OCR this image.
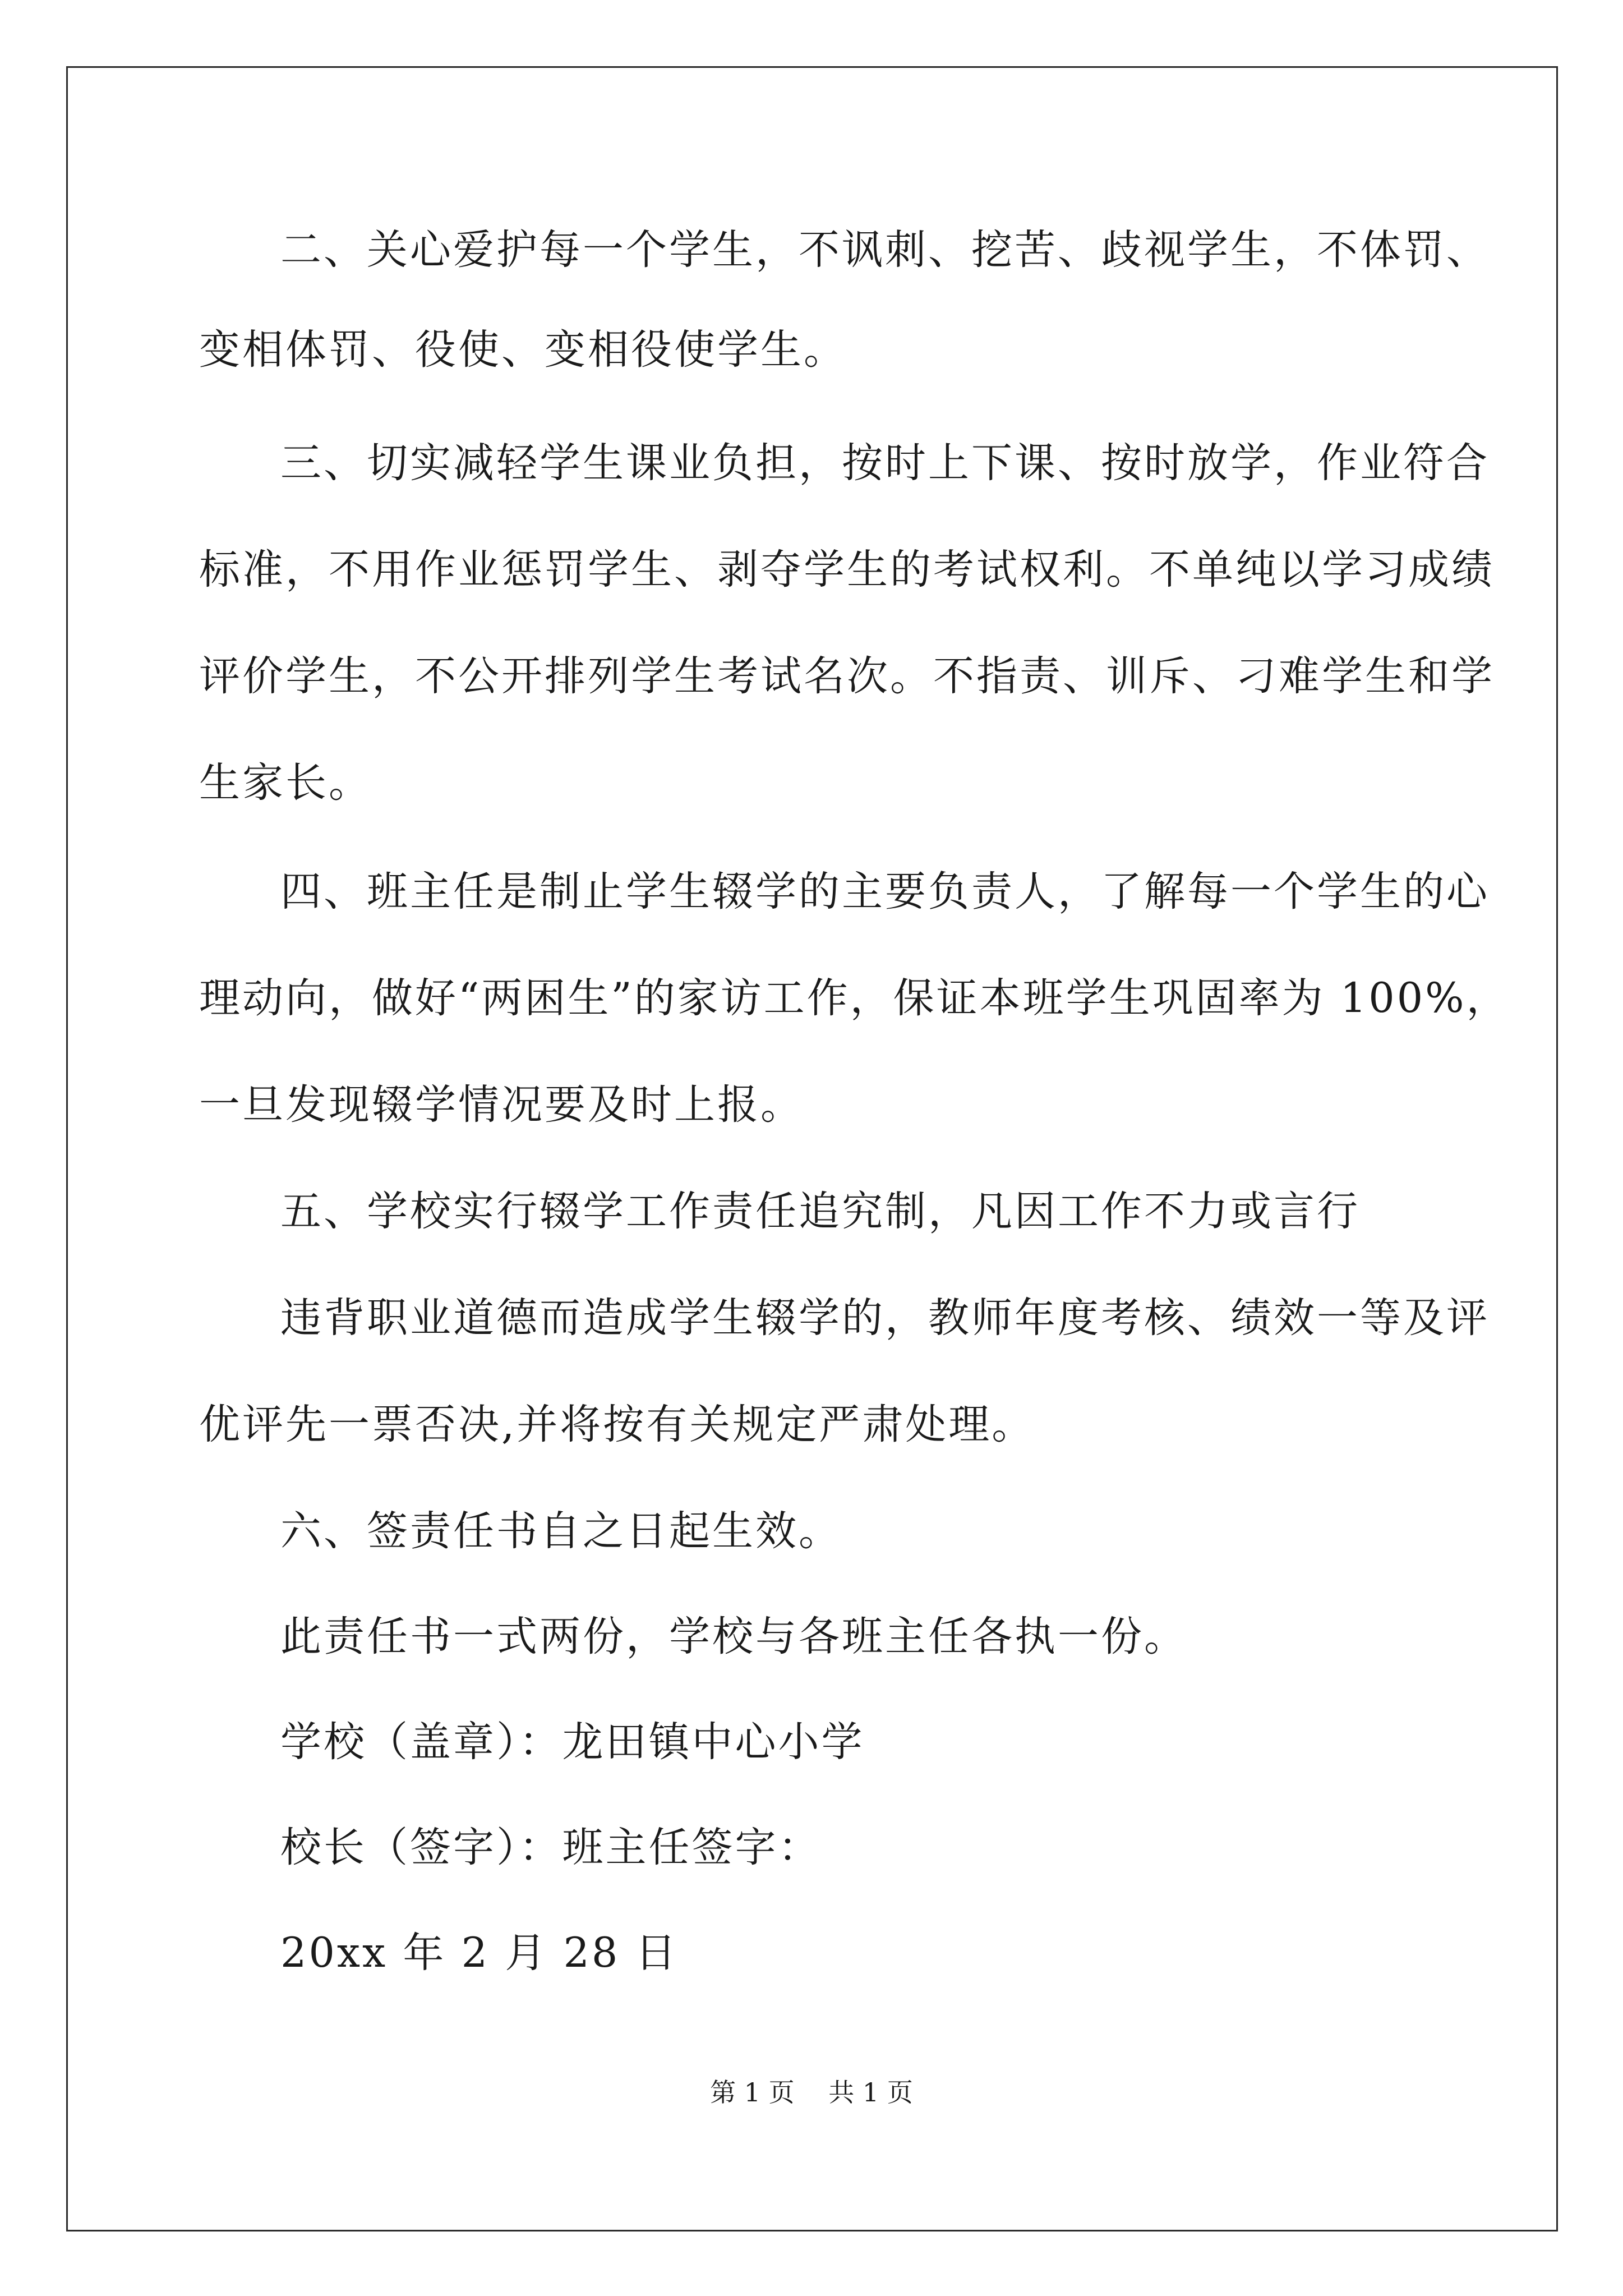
二、关心爱护每一个学生，不讽刺、挖苦、歧视学生，不体罚、
变相体罚、役使、变相役使学生。
三、切实减轻学生课业负担，按时上下课、按时放学，作业符合
标准，不用作业惩罚学生、剥夺学生的考试权利。不单纯以学习成绩
评价学生，不公开排列学生考试名次。不指责、训斥、刁难学生和学
生家长。
四、班主任是制止学生辍学的主要负责人，了解每一个学生的心
理动向，做好“两困生”的家访工作，保证本班学生巩固率为 100%，
一旦发现辍学情况要及时上报。
五、学校实行辍学工作责任追究制，凡因工作不力或言行
违背职业道德而造成学生辍学的，教师年度考核、绩效一等及评
优评先一票否决,并将按有关规定严肃处理。
六、签责任书自之日起生效。
此责任书一式两份，学校与各班主任各执一份。
学校（盖章）：龙田镇中心小学
校长（签字）：班主任签字：
20xx 年 2 月 28 日
第 1 页　 共 1 页
